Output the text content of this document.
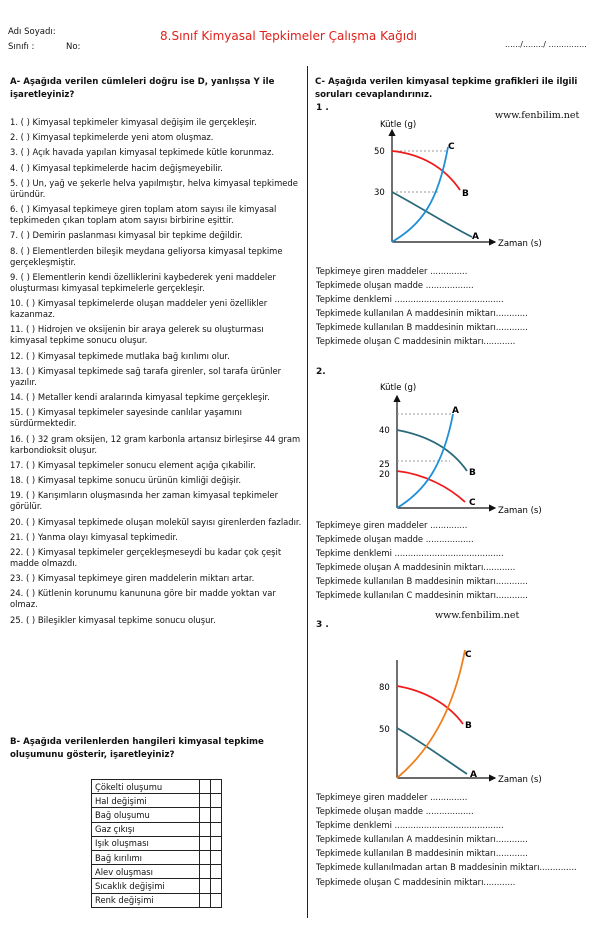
Adı Soyadı:
Sınıfı :	No:
8.Sınıf Kimyasal Tepkimeler Çalışma Kağıdı
....../......../ ...............
A- Aşağıda verilen cümleleri doğru ise D, yanlışsa Y ile işaretleyiniz?
1. ( ) Kimyasal tepkimeler kimyasal değişim ile gerçekleşir.
2. ( ) Kimyasal tepkimelerde yeni atom oluşmaz.
3. ( ) Açık havada yapılan kimyasal tepkimede kütle korunmaz.
4. ( ) Kimyasal tepkimelerde hacim değişmeyebilir.
5. ( ) Un, yağ ve şekerle helva yapılmıştır, helva kimyasal tepkimede üründür.
6. ( ) Kimyasal tepkimeye giren toplam atom sayısı ile kimyasal tepkimeden çıkan toplam atom sayısı birbirine eşittir.
7. ( ) Demirin paslanması kimyasal bir tepkime değildir.
8. ( ) Elementlerden bileşik meydana geliyorsa kimyasal tepkime gerçekleşmiştir.
9. ( ) Elementlerin kendi özelliklerini kaybederek yeni maddeler oluşturması kimyasal tepkimelerle gerçekleşir.
10. ( ) Kimyasal tepkimelerde oluşan maddeler yeni özellikler kazanmaz.
11. ( ) Hidrojen ve oksijenin bir araya gelerek su oluşturması kimyasal tepkime sonucu oluşur.
12. ( ) Kimyasal tepkimede mutlaka bağ kırılımı olur.
13. ( ) Kimyasal tepkimede sağ tarafa girenler, sol tarafa ürünler yazılır.
14. ( ) Metaller kendi aralarında kimyasal tepkime gerçekleşir.
15. ( ) Kimyasal tepkimeler sayesinde canlılar yaşamını sürdürmektedir.
16. ( ) 32 gram oksijen, 12 gram karbonla artansız birleşirse 44 gram karbondioksit oluşur.
17. ( ) Kimyasal tepkimeler sonucu element açığa çıkabilir.
18. ( ) Kimyasal tepkime sonucu ürünün kimliği değişir.
19. ( ) Karışımların oluşmasında her zaman kimyasal tepkimeler görülür.
20. ( ) Kimyasal tepkimede oluşan molekül sayısı girenlerden fazladır.
21. ( ) Yanma olayı kimyasal tepkimedir.
22. ( ) Kimyasal tepkimeler gerçekleşmeseydi bu kadar çok çeşit madde olmazdı.
23. ( ) Kimyasal tepkimeye giren maddelerin miktarı artar.
24. ( ) Kütlenin korunumu kanununa göre bir madde yoktan var olmaz.
25. ( ) Bileşikler kimyasal tepkime sonucu oluşur.
B- Aşağıda verilenlerden hangileri kimyasal tepkime oluşumunu gösterir, işaretleyiniz?
Çökelti oluşumu		
Hal değişimi		
Bağ oluşumu		
Gaz çıkışı		
Işık oluşması		
Bağ kırılımı		
Alev oluşması		
Sıcaklık değişimi		
Renk değişimi		
C- Aşağıda verilen kimyasal tepkime grafikleri ile ilgili soruları cevaplandırınız.
1 .
www.fenbilim.net
50
30
Kütle (g)
Zaman (s)
C
B
A
Tepkimeye giren maddeler ..............
Tepkimede oluşan madde ..................
Tepkime denklemi .........................................
Tepkimede kullanılan A maddesinin miktarı............
Tepkimede kullanılan B maddesinin miktarı............
Tepkimede oluşan C maddesinin miktarı............
2.
40
25
20
Kütle (g)
Zaman (s)
A
B
C
Tepkimeye giren maddeler ..............
Tepkimede oluşan madde ..................
Tepkime denklemi .........................................
Tepkimede oluşan A maddesinin miktarı............
Tepkimede kullanılan B maddesinin miktarı............
Tepkimede kullanılan C maddesinin miktarı............
www.fenbilim.net
3 .
80
50
Zaman (s)
C
B
A
Tepkimeye giren maddeler ..............
Tepkimede oluşan madde ..................
Tepkime denklemi .........................................
Tepkimede kullanılan A maddesinin miktarı............
Tepkimede kullanılan B maddesinin miktarı............
Tepkimede kullanılmadan artan B maddesinin miktarı..............
Tepkimede oluşan C maddesinin miktarı............
